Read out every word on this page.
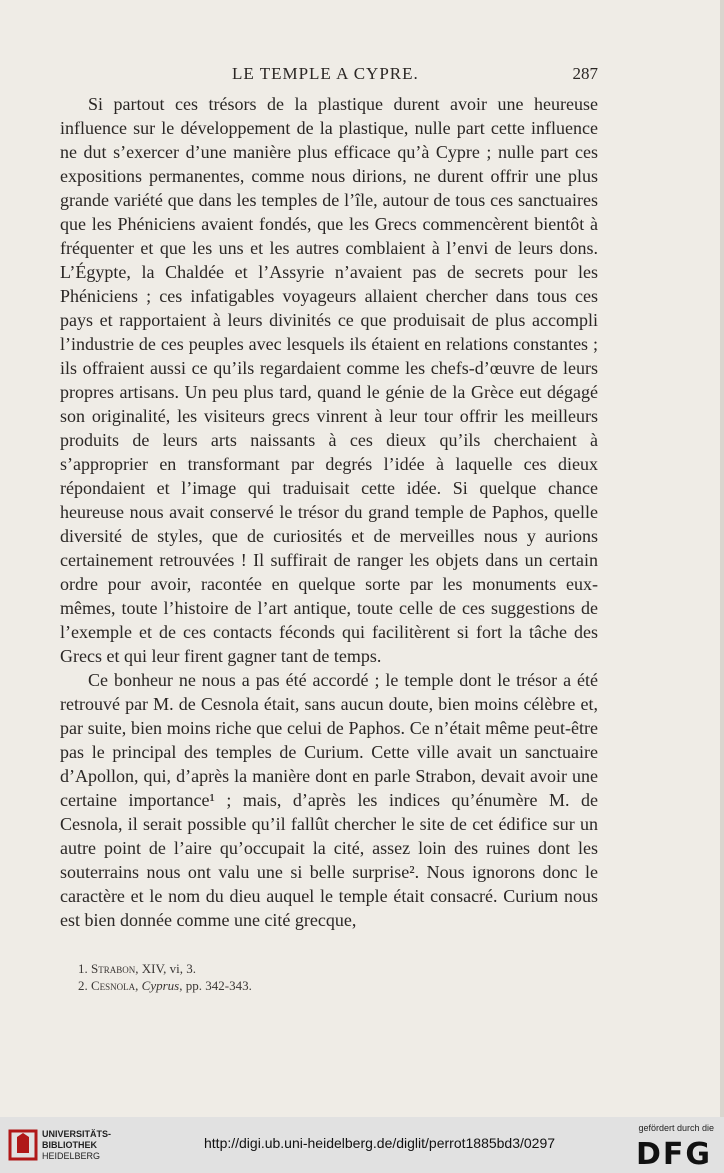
LE TEMPLE A CYPRE.	287

Si partout ces trésors de la plastique durent avoir une heureuse influence sur le développement de la plastique, nulle part cette influence ne dut s’exercer d’une manière plus efficace qu’à Cypre ; nulle part ces expositions permanentes, comme nous dirions, ne durent offrir une plus grande variété que dans les temples de l’île, autour de tous ces sanctuaires que les Phéniciens avaient fondés, que les Grecs commencèrent bientôt à fréquenter et que les uns et les autres comblaient à l’envi de leurs dons. L’Égypte, la Chaldée et l’Assyrie n’avaient pas de secrets pour les Phéniciens ; ces infatigables voyageurs allaient chercher dans tous ces pays et rapportaient à leurs divinités ce que produisait de plus accompli l’industrie de ces peuples avec lesquels ils étaient en relations constantes ; ils offraient aussi ce qu’ils regardaient comme les chefs-d’œuvre de leurs propres artisans. Un peu plus tard, quand le génie de la Grèce eut dégagé son originalité, les visiteurs grecs vinrent à leur tour offrir les meilleurs produits de leurs arts naissants à ces dieux qu’ils cherchaient à s’approprier en transformant par degrés l’idée à laquelle ces dieux répondaient et l’image qui traduisait cette idée. Si quelque chance heureuse nous avait conservé le trésor du grand temple de Paphos, quelle diversité de styles, que de curiosités et de merveilles nous y aurions certainement retrouvées ! Il suffirait de ranger les objets dans un certain ordre pour avoir, racontée en quelque sorte par les monuments eux-mêmes, toute l’histoire de l’art antique, toute celle de ces suggestions de l’exemple et de ces contacts féconds qui facilitèrent si fort la tâche des Grecs et qui leur firent gagner tant de temps.

Ce bonheur ne nous a pas été accordé ; le temple dont le trésor a été retrouvé par M. de Cesnola était, sans aucun doute, bien moins célèbre et, par suite, bien moins riche que celui de Paphos. Ce n’était même peut-être pas le principal des temples de Curium. Cette ville avait un sanctuaire d’Apollon, qui, d’après la manière dont en parle Strabon, devait avoir une certaine importance¹ ; mais, d’après les indices qu’énumère M. de Cesnola, il serait possible qu’il fallût chercher le site de cet édifice sur un autre point de l’aire qu’occupait la cité, assez loin des ruines dont les souterrains nous ont valu une si belle surprise². Nous ignorons donc le caractère et le nom du dieu auquel le temple était consacré. Curium nous est bien donnée comme une cité grecque,

1. Strabon, XIV, vi, 3.
2. Cesnola, Cyprus, pp. 342-343.
UNIVERSITÄTS-
BIBLIOTHEK
HEIDELBERG
http://digi.ub.uni-heidelberg.de/diglit/perrot1885bd3/0297
gefördert durch die
DFG
